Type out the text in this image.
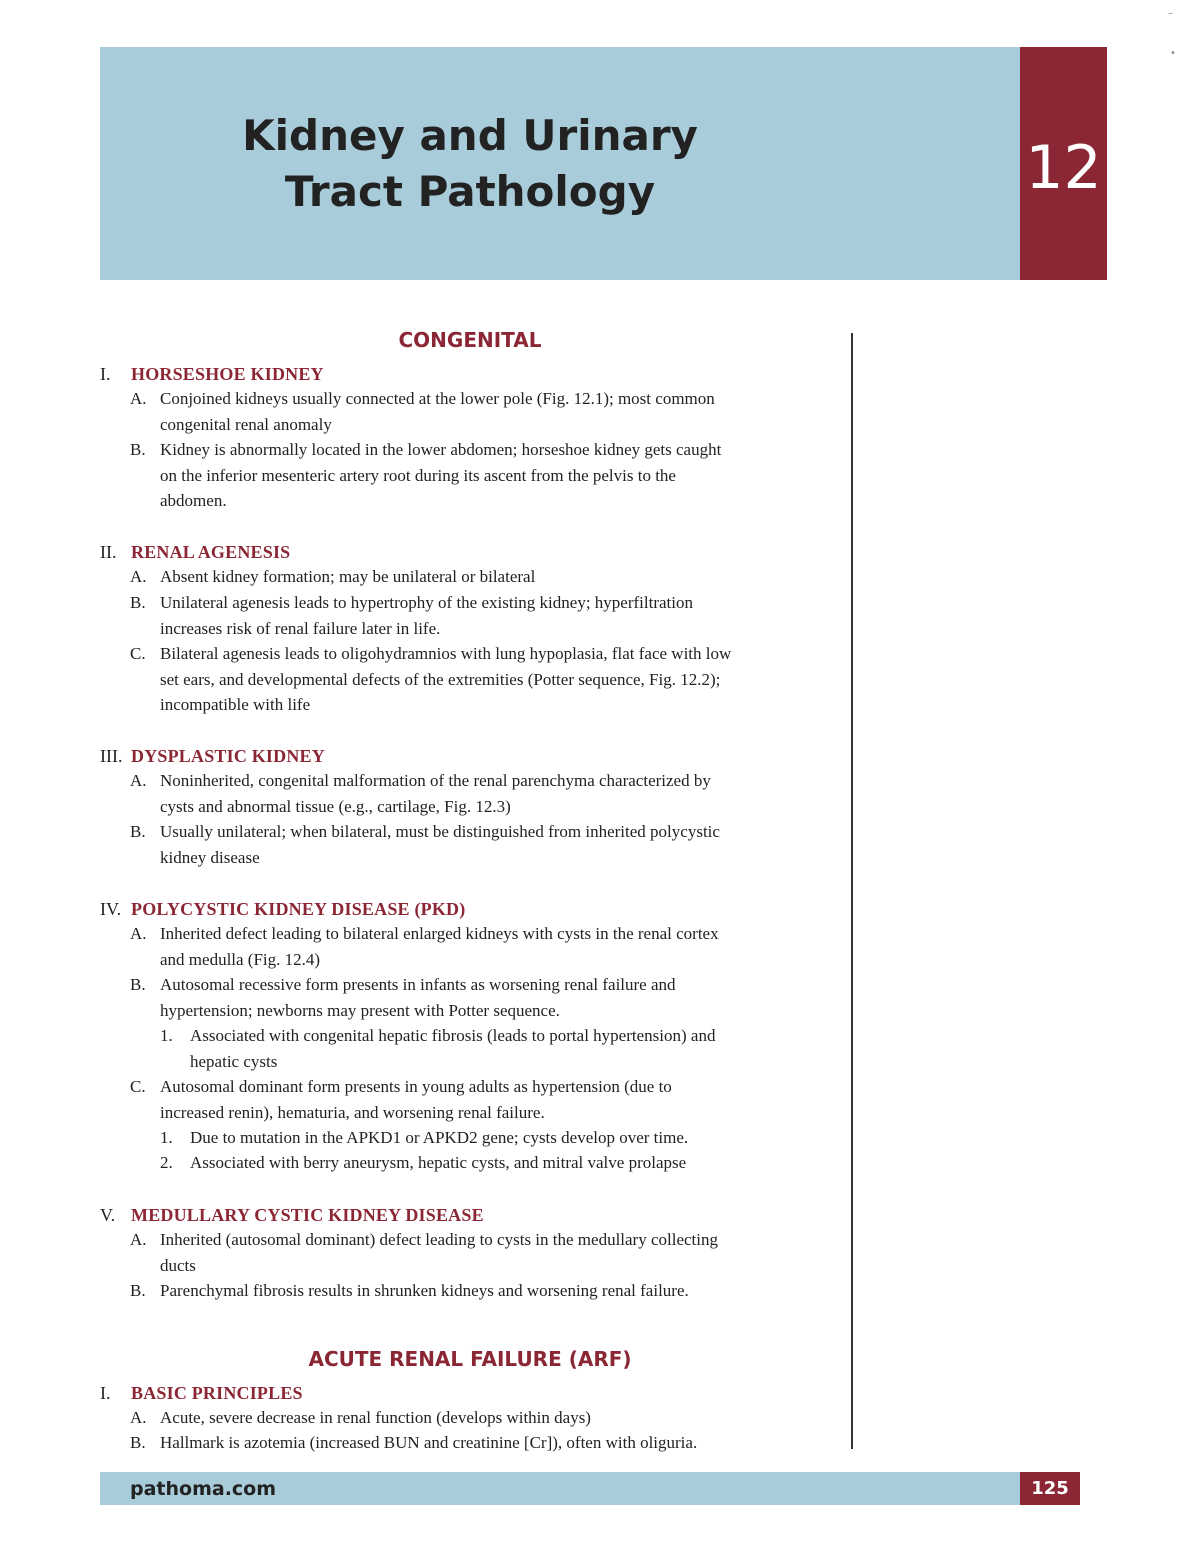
Kidney and Urinary
Tract Pathology	12
–
•
CONGENITAL
I. HORSESHOE KIDNEY
A. Conjoined kidneys usually connected at the lower pole (Fig. 12.1); most common
congenital renal anomaly
B. Kidney is abnormally located in the lower abdomen; horseshoe kidney gets caught
on the inferior mesenteric artery root during its ascent from the pelvis to the
abdomen.
II. RENAL AGENESIS
A. Absent kidney formation; may be unilateral or bilateral
B. Unilateral agenesis leads to hypertrophy of the existing kidney; hyperfiltration
increases risk of renal failure later in life.
C. Bilateral agenesis leads to oligohydramnios with lung hypoplasia, flat face with low
set ears, and developmental defects of the extremities (Potter sequence, Fig. 12.2);
incompatible with life
III. DYSPLASTIC KIDNEY
A. Noninherited, congenital malformation of the renal parenchyma characterized by
cysts and abnormal tissue (e.g., cartilage, Fig. 12.3)
B. Usually unilateral; when bilateral, must be distinguished from inherited polycystic
kidney disease
IV. POLYCYSTIC KIDNEY DISEASE (PKD)
A. Inherited defect leading to bilateral enlarged kidneys with cysts in the renal cortex
and medulla (Fig. 12.4)
B. Autosomal recessive form presents in infants as worsening renal failure and
hypertension; newborns may present with Potter sequence.
1. Associated with congenital hepatic fibrosis (leads to portal hypertension) and
hepatic cysts
C. Autosomal dominant form presents in young adults as hypertension (due to
increased renin), hematuria, and worsening renal failure.
1. Due to mutation in the APKD1 or APKD2 gene; cysts develop over time.
2. Associated with berry aneurysm, hepatic cysts, and mitral valve prolapse
V. MEDULLARY CYSTIC KIDNEY DISEASE
A. Inherited (autosomal dominant) defect leading to cysts in the medullary collecting
ducts
B. Parenchymal fibrosis results in shrunken kidneys and worsening renal failure.
ACUTE RENAL FAILURE (ARF)
I. BASIC PRINCIPLES
A. Acute, severe decrease in renal function (develops within days)
B. Hallmark is azotemia (increased BUN and creatinine [Cr]), often with oliguria.
pathoma.com	125
